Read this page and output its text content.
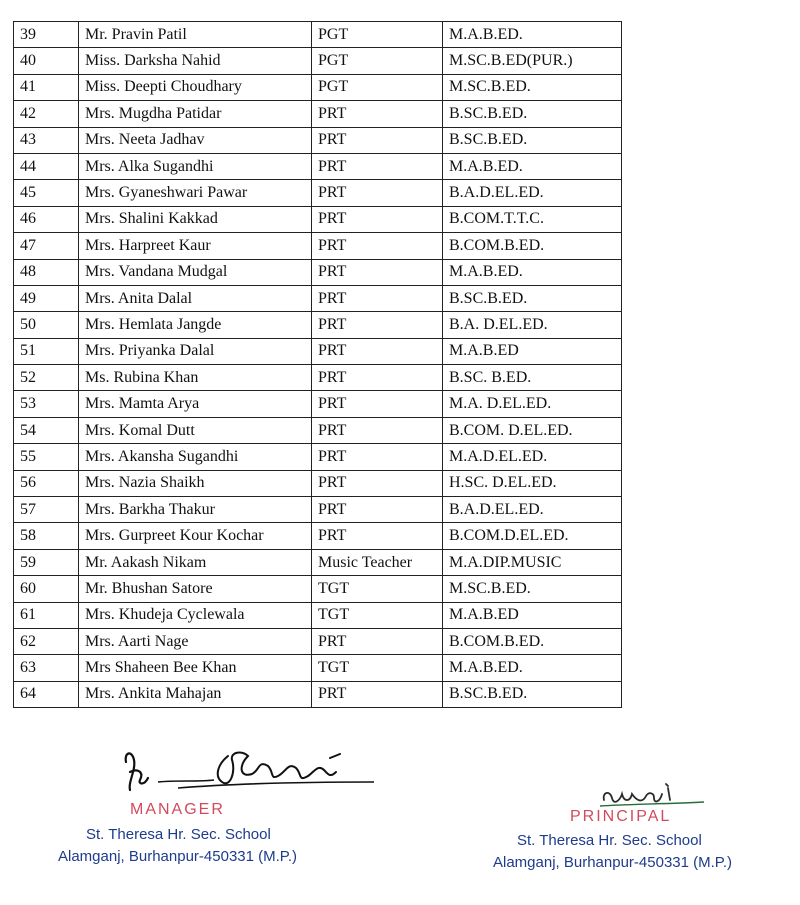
39	Mr. Pravin Patil	PGT	M.A.B.ED.
40	Miss. Darksha Nahid	PGT	M.SC.B.ED(PUR.)
41	Miss. Deepti Choudhary	PGT	M.SC.B.ED.
42	Mrs. Mugdha Patidar	PRT	B.SC.B.ED.
43	Mrs. Neeta Jadhav	PRT	B.SC.B.ED.
44	Mrs. Alka Sugandhi	PRT	M.A.B.ED.
45	Mrs. Gyaneshwari Pawar	PRT	B.A.D.EL.ED.
46	Mrs. Shalini Kakkad	PRT	B.COM.T.T.C.
47	Mrs. Harpreet Kaur	PRT	B.COM.B.ED.
48	Mrs. Vandana Mudgal	PRT	M.A.B.ED.
49	Mrs. Anita Dalal	PRT	B.SC.B.ED.
50	Mrs. Hemlata Jangde	PRT	B.A. D.EL.ED.
51	Mrs. Priyanka Dalal	PRT	M.A.B.ED
52	Ms. Rubina Khan	PRT	B.SC. B.ED.
53	Mrs. Mamta Arya	PRT	M.A. D.EL.ED.
54	Mrs. Komal Dutt	PRT	B.COM. D.EL.ED.
55	Mrs. Akansha Sugandhi	PRT	M.A.D.EL.ED.
56	Mrs. Nazia Shaikh	PRT	H.SC. D.EL.ED.
57	Mrs. Barkha Thakur	PRT	B.A.D.EL.ED.
58	Mrs. Gurpreet Kour Kochar	PRT	B.COM.D.EL.ED.
59	Mr. Aakash Nikam	Music Teacher	M.A.DIP.MUSIC
60	Mr. Bhushan Satore	TGT	M.SC.B.ED.
61	Mrs. Khudeja Cyclewala	TGT	M.A.B.ED
62	Mrs. Aarti Nage	PRT	B.COM.B.ED.
63	Mrs Shaheen Bee Khan	TGT	M.A.B.ED.
64	Mrs. Ankita Mahajan	PRT	B.SC.B.ED.
MANAGER
St. Theresa Hr. Sec. School
Alamganj, Burhanpur-450331 (M.P.)
PRINCIPAL
St. Theresa Hr. Sec. School
Alamganj, Burhanpur-450331 (M.P.)
